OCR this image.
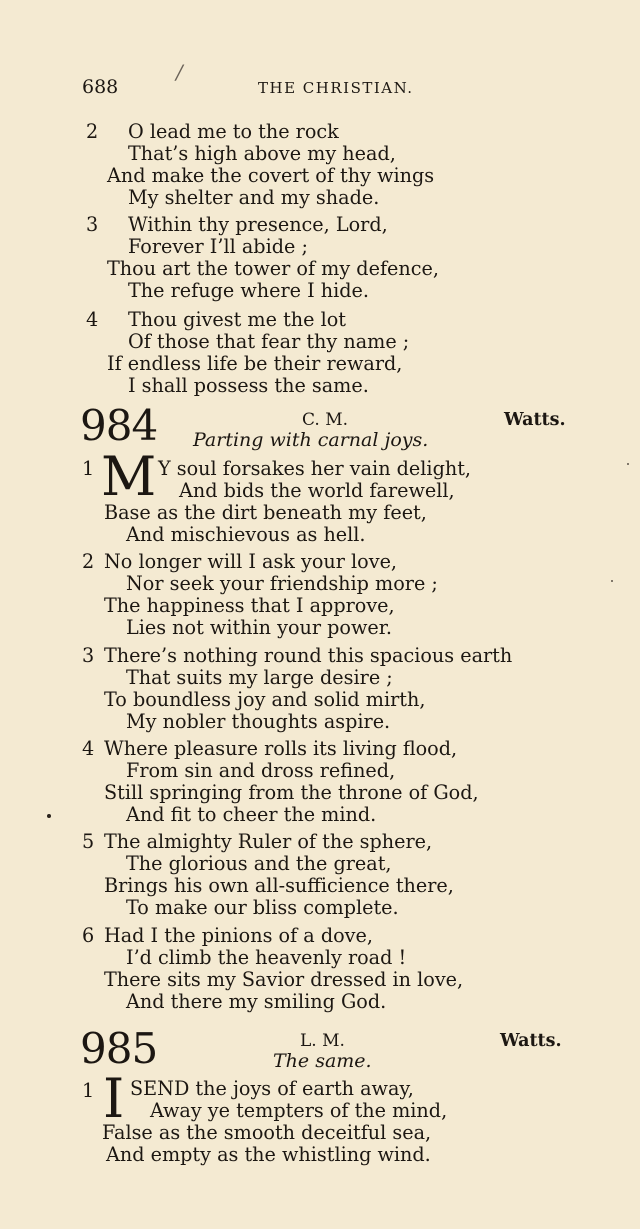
688
/
THE CHRISTIAN.
2 O lead me to the rock
That’s high above my head,
And make the covert of thy wings
My shelter and my shade.
3 Within thy presence, Lord,
Forever I’ll abide ;
Thou art the tower of my defence,
The refuge where I hide.
4 Thou givest me the lot
Of those that fear thy name ;
If endless life be their reward,
I shall possess the same.
984	C. M.	Watts.
Parting with carnal joys.
1 M Y soul forsakes her vain delight,
And bids the world farewell,
Base as the dirt beneath my feet,
And mischievous as hell.
2 No longer will I ask your love,
Nor seek your friendship more ;
The happiness that I approve,
Lies not within your power.
3 There’s nothing round this spacious earth
That suits my large desire ;
To boundless joy and solid mirth,
My nobler thoughts aspire.
4 Where pleasure rolls its living flood,
From sin and dross refined,
Still springing from the throne of God,
And fit to cheer the mind.
5 The almighty Ruler of the sphere,
The glorious and the great,
Brings his own all-sufficience there,
To make our bliss complete.
6 Had I the pinions of a dove,
I’d climb the heavenly road !
There sits my Savior dressed in love,
And there my smiling God.
985	L. M.	Watts.
The same.
1 I SEND the joys of earth away,
Away ye tempters of the mind,
False as the smooth deceitful sea,
And empty as the whistling wind.
